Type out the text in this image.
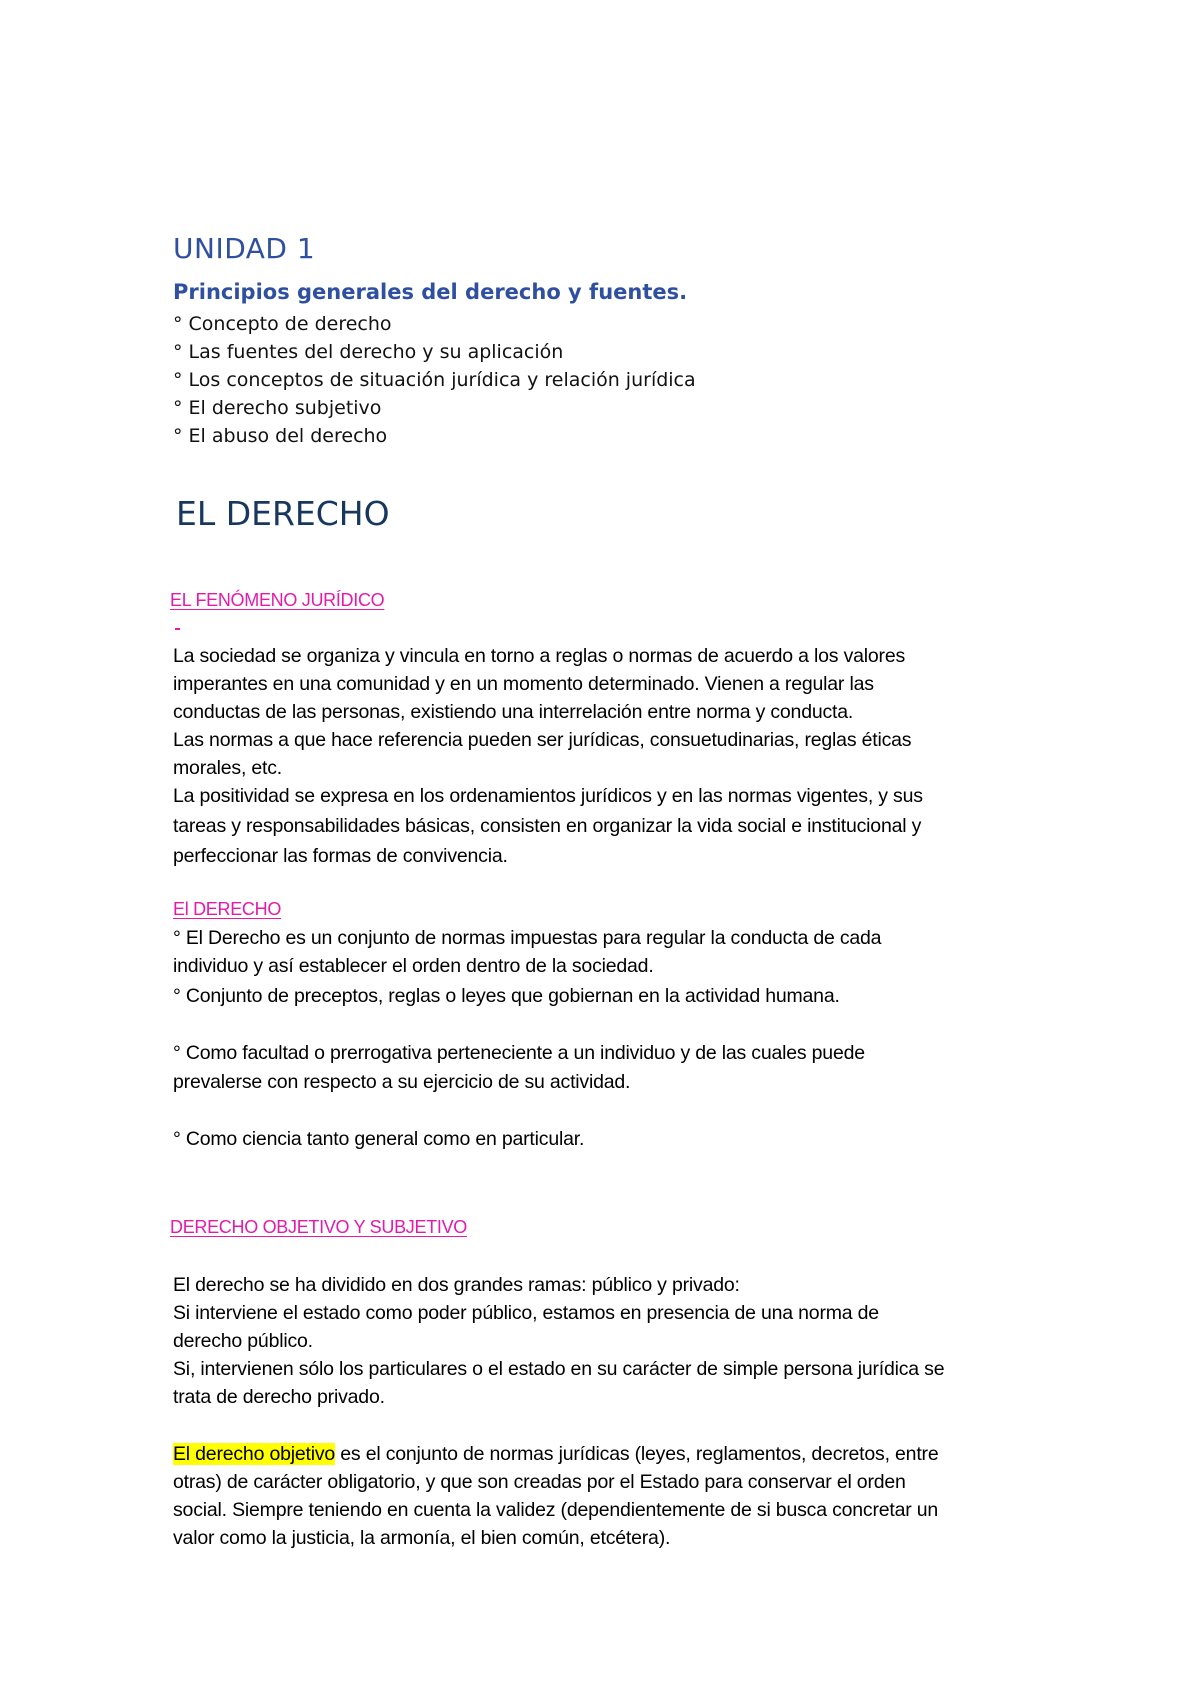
UNIDAD 1
Principios generales del derecho y fuentes.
° Concepto de derecho
° Las fuentes del derecho y su aplicación
° Los conceptos de situación jurídica y relación jurídica
° El derecho subjetivo
° El abuso del derecho
EL DERECHO
EL FENÓMENO JURÍDICO
La sociedad se organiza y vincula en torno a reglas o normas de acuerdo a los valores
imperantes en una comunidad y en un momento determinado. Vienen a regular las
conductas de las personas, existiendo una interrelación entre norma y conducta.
Las normas a que hace referencia pueden ser jurídicas, consuetudinarias, reglas éticas
morales, etc.
La positividad se expresa en los ordenamientos jurídicos y en las normas vigentes, y sus
tareas y responsabilidades básicas, consisten en organizar la vida social e institucional y
perfeccionar las formas de convivencia.
El DERECHO
° El Derecho es un conjunto de normas impuestas para regular la conducta de cada
individuo y así establecer el orden dentro de la sociedad.
° Conjunto de preceptos, reglas o leyes que gobiernan en la actividad humana.
° Como facultad o prerrogativa perteneciente a un individuo y de las cuales puede
prevalerse con respecto a su ejercicio de su actividad.
° Como ciencia tanto general como en particular.
DERECHO OBJETIVO Y SUBJETIVO
El derecho se ha dividido en dos grandes ramas: público y privado:
Si interviene el estado como poder público, estamos en presencia de una norma de
derecho público.
Si, intervienen sólo los particulares o el estado en su carácter de simple persona jurídica se
trata de derecho privado.
El derecho objetivo es el conjunto de normas jurídicas (leyes, reglamentos, decretos, entre
otras) de carácter obligatorio, y que son creadas por el Estado para conservar el orden
social. Siempre teniendo en cuenta la validez (dependientemente de si busca concretar un
valor como la justicia, la armonía, el bien común, etcétera).
